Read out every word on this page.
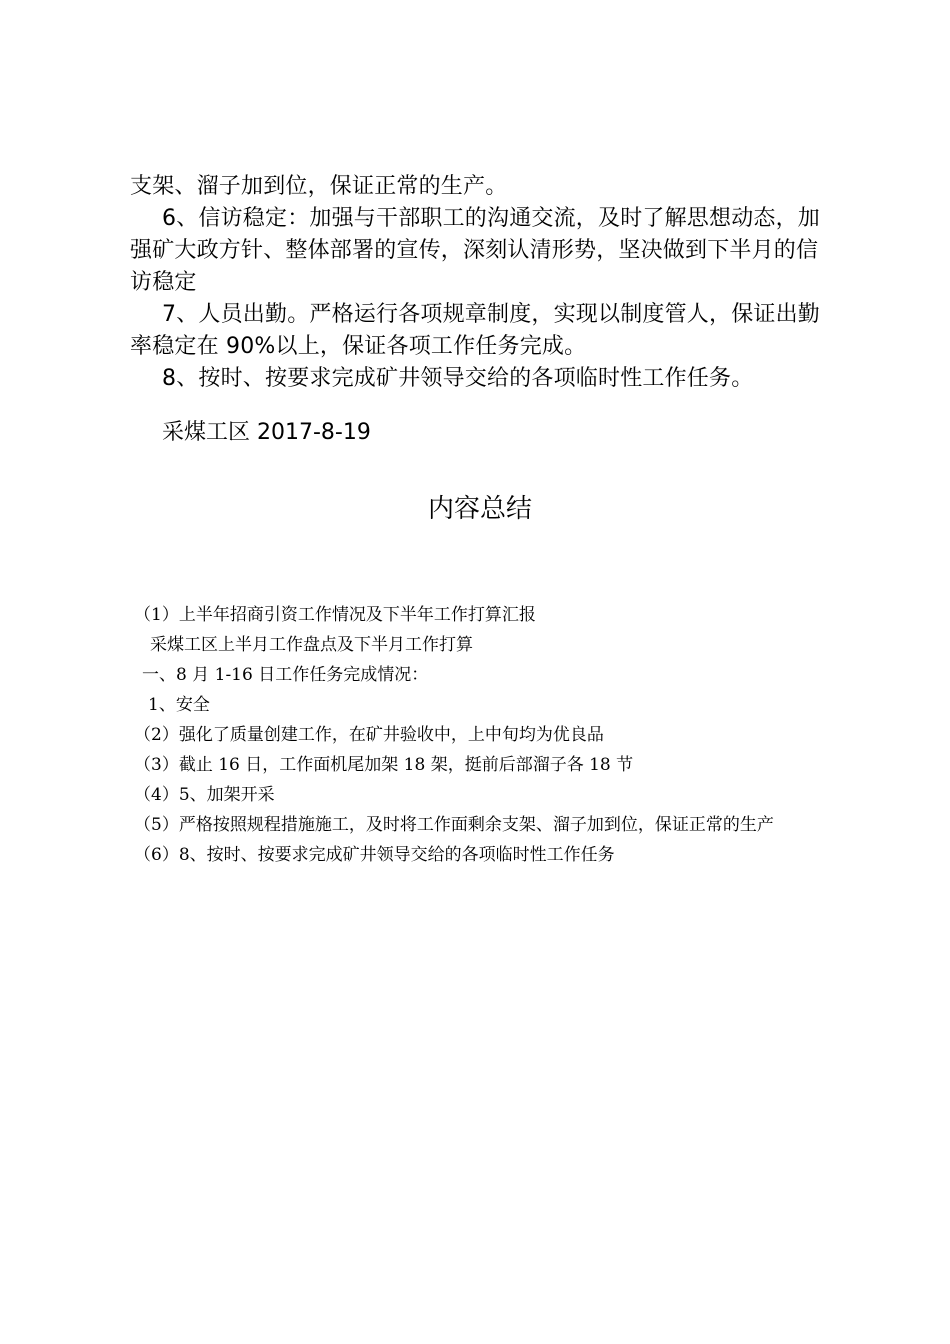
支架、溜子加到位，保证正常的生产。

6、信访稳定：加强与干部职工的沟通交流，及时了解思想动态，加强矿大政方针、整体部署的宣传，深刻认清形势，坚决做到下半月的信访稳定

7、人员出勤。严格运行各项规章制度，实现以制度管人，保证出勤率稳定在 90%以上，保证各项工作任务完成。

8、按时、按要求完成矿井领导交给的各项临时性工作任务。

采煤工区 2017-8-19
内容总结

（1）上半年招商引资工作情况及下半年工作打算汇报

采煤工区上半月工作盘点及下半月工作打算

一、8 月 1-16 日工作任务完成情况：

1、安全

（2）强化了质量创建工作，在矿井验收中，上中旬均为优良品

（3）截止 16 日，工作面机尾加架 18 架，挺前后部溜子各 18 节

（4）5、加架开采

（5）严格按照规程措施施工，及时将工作面剩余支架、溜子加到位，保证正常的生产

（6）8、按时、按要求完成矿井领导交给的各项临时性工作任务
